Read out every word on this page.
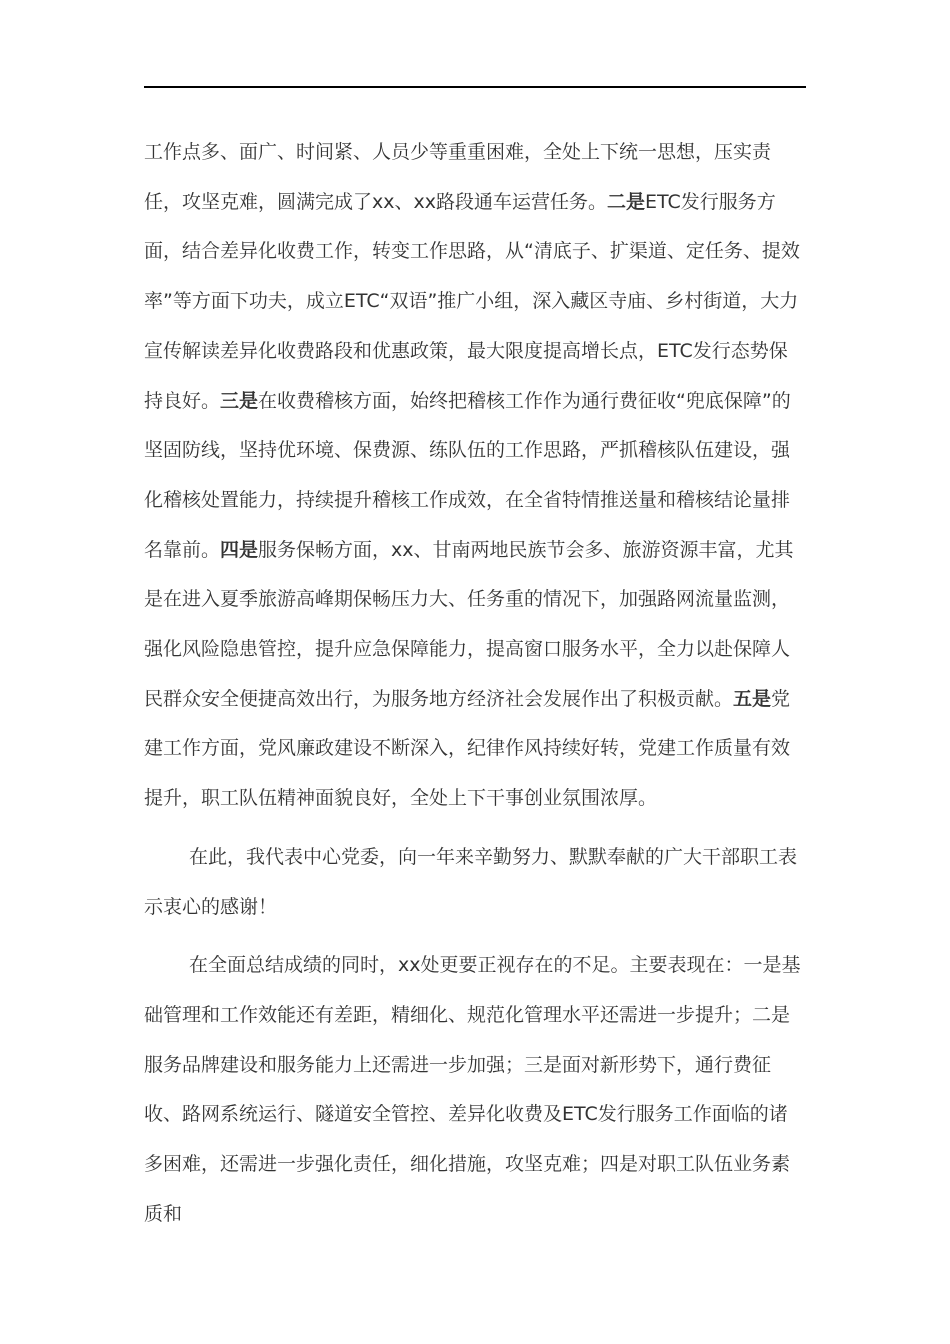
工作点多、面广、时间紧、人员少等重重困难，全处上下统一思想，压实责任，攻坚克难，圆满完成了xx、xx路段通车运营任务。二是ETC发行服务方面，结合差异化收费工作，转变工作思路，从“清底子、扩渠道、定任务、提效率”等方面下功夫，成立ETC“双语”推广小组，深入藏区寺庙、乡村街道，大力宣传解读差异化收费路段和优惠政策，最大限度提高增长点，ETC发行态势保持良好。三是在收费稽核方面，始终把稽核工作作为通行费征收“兜底保障”的坚固防线，坚持优环境、保费源、练队伍的工作思路，严抓稽核队伍建设，强化稽核处置能力，持续提升稽核工作成效，在全省特情推送量和稽核结论量排名靠前。四是服务保畅方面，xx、甘南两地民族节会多、旅游资源丰富，尤其是在进入夏季旅游高峰期保畅压力大、任务重的情况下，加强路网流量监测，强化风险隐患管控，提升应急保障能力，提高窗口服务水平，全力以赴保障人民群众安全便捷高效出行，为服务地方经济社会发展作出了积极贡献。五是党建工作方面，党风廉政建设不断深入，纪律作风持续好转，党建工作质量有效提升，职工队伍精神面貌良好，全处上下干事创业氛围浓厚。

在此，我代表中心党委，向一年来辛勤努力、默默奉献的广大干部职工表示衷心的感谢！

在全面总结成绩的同时，xx处更要正视存在的不足。主要表现在：一是基础管理和工作效能还有差距，精细化、规范化管理水平还需进一步提升；二是服务品牌建设和服务能力上还需进一步加强；三是面对新形势下，通行费征收、路网系统运行、隧道安全管控、差异化收费及ETC发行服务工作面临的诸多困难，还需进一步强化责任，细化措施，攻坚克难；四是对职工队伍业务素质和
